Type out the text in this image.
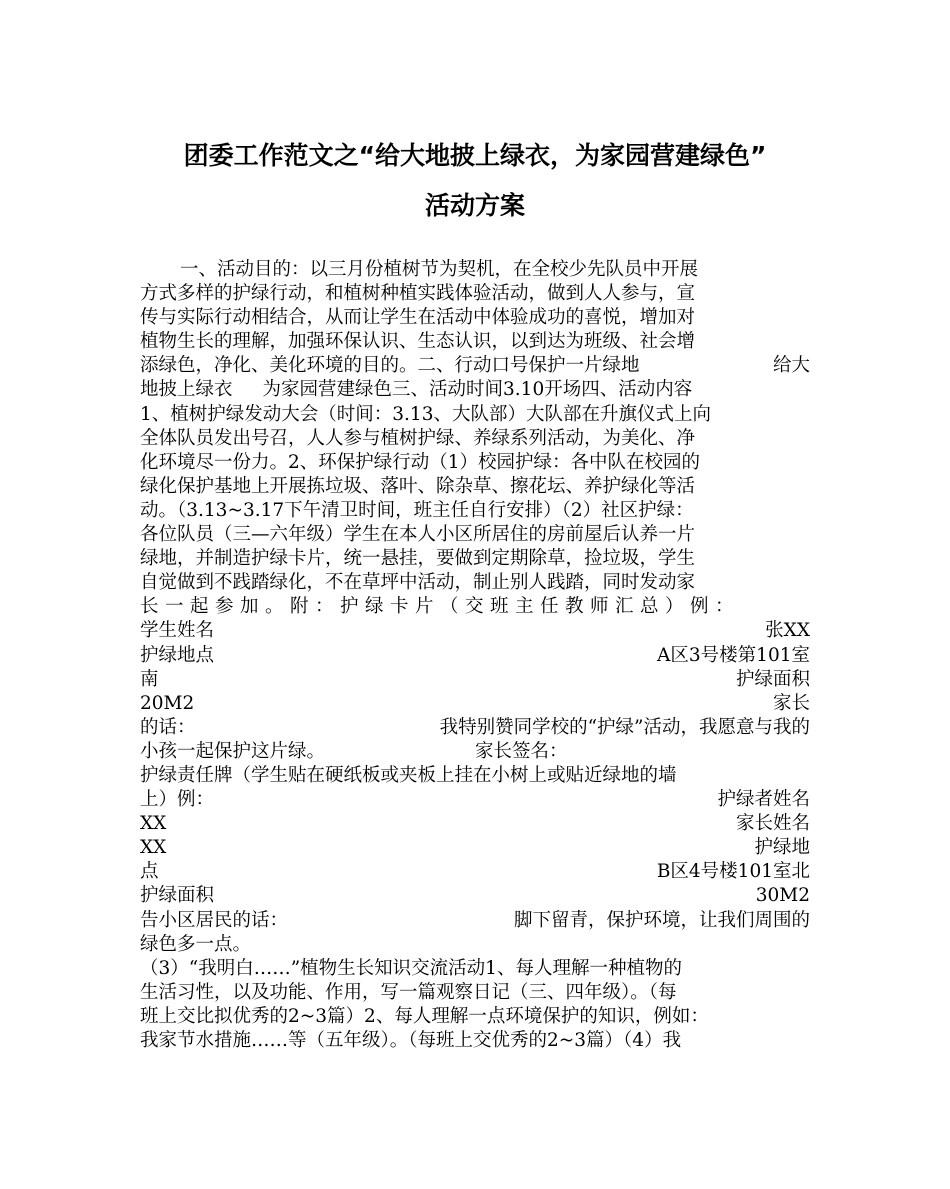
团委工作范文之“给大地披上绿衣，为家园营建绿色”
活动方案
一、活动目的：以三月份植树节为契机，在全校少先队员中开展
方式多样的护绿行动，和植树种植实践体验活动，做到人人参与，宣
传与实际行动相结合，从而让学生在活动中体验成功的喜悦，增加对
植物生长的理解，加强环保认识、生态认识，以到达为班级、社会增
添绿色，净化、美化环境的目的。二、行动口号保护一片绿地	给大
地披上绿衣 为家园营建绿色三、活动时间3.10开场四、活动内容
1、植树护绿发动大会（时间：3.13、大队部）大队部在升旗仪式上向
全体队员发出号召，人人参与植树护绿、养绿系列活动，为美化、净
化环境尽一份力。2、环保护绿行动（1）校园护绿：各中队在校园的
绿化保护基地上开展拣垃圾、落叶、除杂草、擦花坛、养护绿化等活
动。（3.13~3.17下午清卫时间，班主任自行安排）（2）社区护绿：
各位队员（三—六年级）学生在本人小区所居住的房前屋后认养一片
绿地，并制造护绿卡片，统一悬挂，要做到定期除草，捡垃圾，学生
自觉做到不践踏绿化，不在草坪中活动，制止别人践踏，同时发动家
长一起参加。附：护绿卡片（交班主任教师汇总）例：
学生姓名	张XX
护绿地点	A区3号楼第101室
南	护绿面积
20M2	家长
的话：	我特别赞同学校的“护绿”活动，我愿意与我的
小孩一起保护这片绿。	家长签名：
护绿责任牌（学生贴在硬纸板或夹板上挂在小树上或贴近绿地的墙
上）例：	护绿者姓名
XX	家长姓名
XX	护绿地
点	B区4号楼101室北
护绿面积	30M2
告小区居民的话：	脚下留青，保护环境，让我们周围的
绿色多一点。
（3）“我明白……”植物生长知识交流活动1、每人理解一种植物的
生活习性，以及功能、作用，写一篇观察日记（三、四年级）。（每
班上交比拟优秀的2~3篇）2、每人理解一点环境保护的知识，例如：
我家节水措施……等（五年级）。（每班上交优秀的2~3篇）（4）我
